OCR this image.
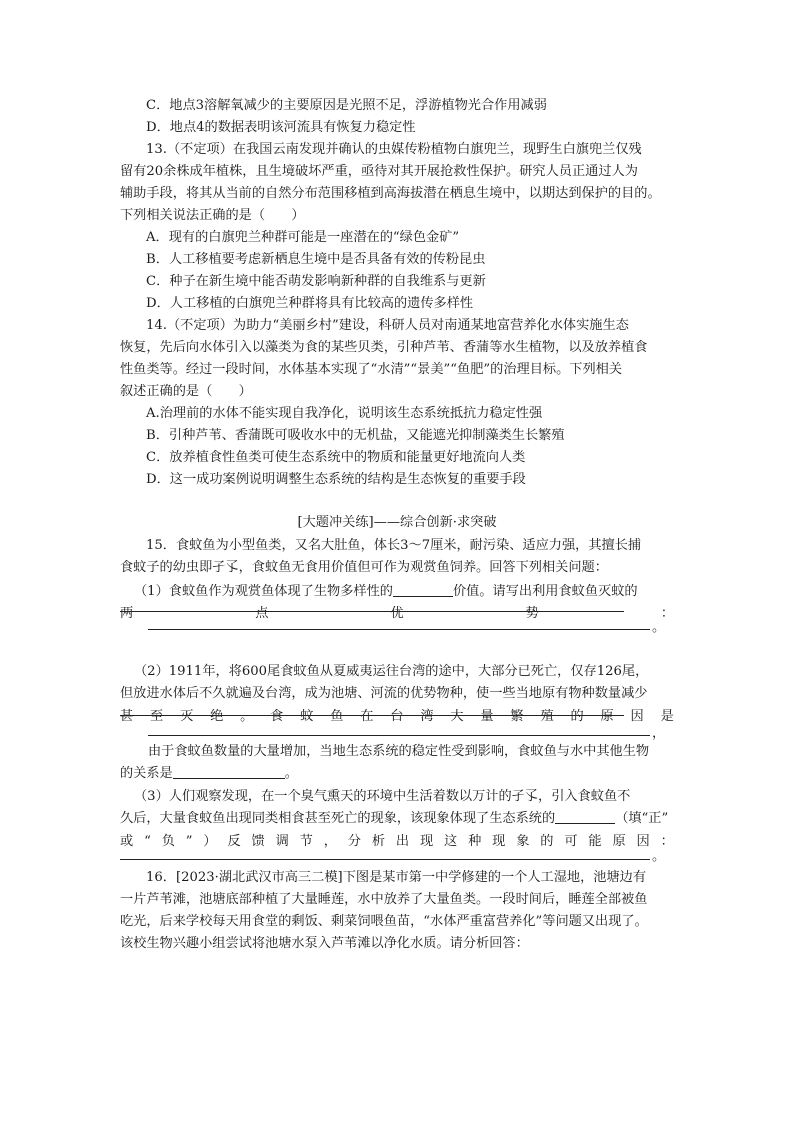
C．地点3溶解氧减少的主要原因是光照不足，浮游植物光合作用减弱
D．地点4的数据表明该河流具有恢复力稳定性
13.（不定项）在我国云南发现并确认的虫媒传粉植物白旗兜兰，现野生白旗兜兰仅残
留有20余株成年植株，且生境破坏严重，亟待对其开展抢救性保护。研究人员正通过人为
辅助手段，将其从当前的自然分布范围移植到高海拔潜在栖息生境中，以期达到保护的目的。
下列相关说法正确的是（　　）
A．现有的白旗兜兰种群可能是一座潜在的“绿色金矿”
B．人工移植要考虑新栖息生境中是否具备有效的传粉昆虫
C．种子在新生境中能否萌发影响新种群的自我维系与更新
D．人工移植的白旗兜兰种群将具有比较高的遗传多样性
14.（不定项）为助力“美丽乡村”建设，科研人员对南通某地富营养化水体实施生态
恢复，先后向水体引入以藻类为食的某些贝类，引种芦苇、香蒲等水生植物，以及放养植食
性鱼类等。经过一段时间，水体基本实现了“水清”“景美”“鱼肥”的治理目标。下列相关
叙述正确的是（　　）
A.治理前的水体不能实现自我净化，说明该生态系统抵抗力稳定性强
B．引种芦苇、香蒲既可吸收水中的无机盐，又能遮光抑制藻类生长繁殖
C．放养植食性鱼类可使生态系统中的物质和能量更好地流向人类
D．这一成功案例说明调整生态系统的结构是生态恢复的重要手段
[大题冲关练]——综合创新·求突破
15．食蚊鱼为小型鱼类，又名大肚鱼，体长3～7厘米，耐污染、适应力强，其擅长捕
食蚊子的幼虫即孑孓，食蚊鱼无食用价值但可作为观赏鱼饲养。回答下列相关问题：
（1）食蚊鱼作为观赏鱼体现了生物多样性的	价值。请写出利用食蚊鱼灭蚊的
两	点	优	势	：
。
（2）1911年，将600尾食蚊鱼从夏威夷运往台湾的途中，大部分已死亡，仅存126尾，
但放进水体后不久就遍及台湾，成为池塘、河流的优势物种，使一些当地原有物种数量减少
甚 至 灭 绝 。 食 蚊 鱼 在 台 湾 大 量 繁 殖 的 原 因 是
，
由于食蚊鱼数量的大量增加，当地生态系统的稳定性受到影响，食蚊鱼与水中其他生物
的关系是	。
（3）人们观察发现，在一个臭气熏天的环境中生活着数以万计的孑孓，引入食蚊鱼不
久后，大量食蚊鱼出现同类相食甚至死亡的现象，该现象体现了生态系统的	（填“正”
或 “ 负 ” ） 反 馈 调 节 ， 分 析 出 现 这 种 现 象 的 可 能 原 因 ：
。
16．[2023·湖北武汉市高三二模]下图是某市第一中学修建的一个人工湿地，池塘边有
一片芦苇滩，池塘底部种植了大量睡莲，水中放养了大量鱼类。一段时间后，睡莲全部被鱼
吃光，后来学校每天用食堂的剩饭、剩菜饲喂鱼苗，“水体严重富营养化”等问题又出现了。
该校生物兴趣小组尝试将池塘水泵入芦苇滩以净化水质。请分析回答：
